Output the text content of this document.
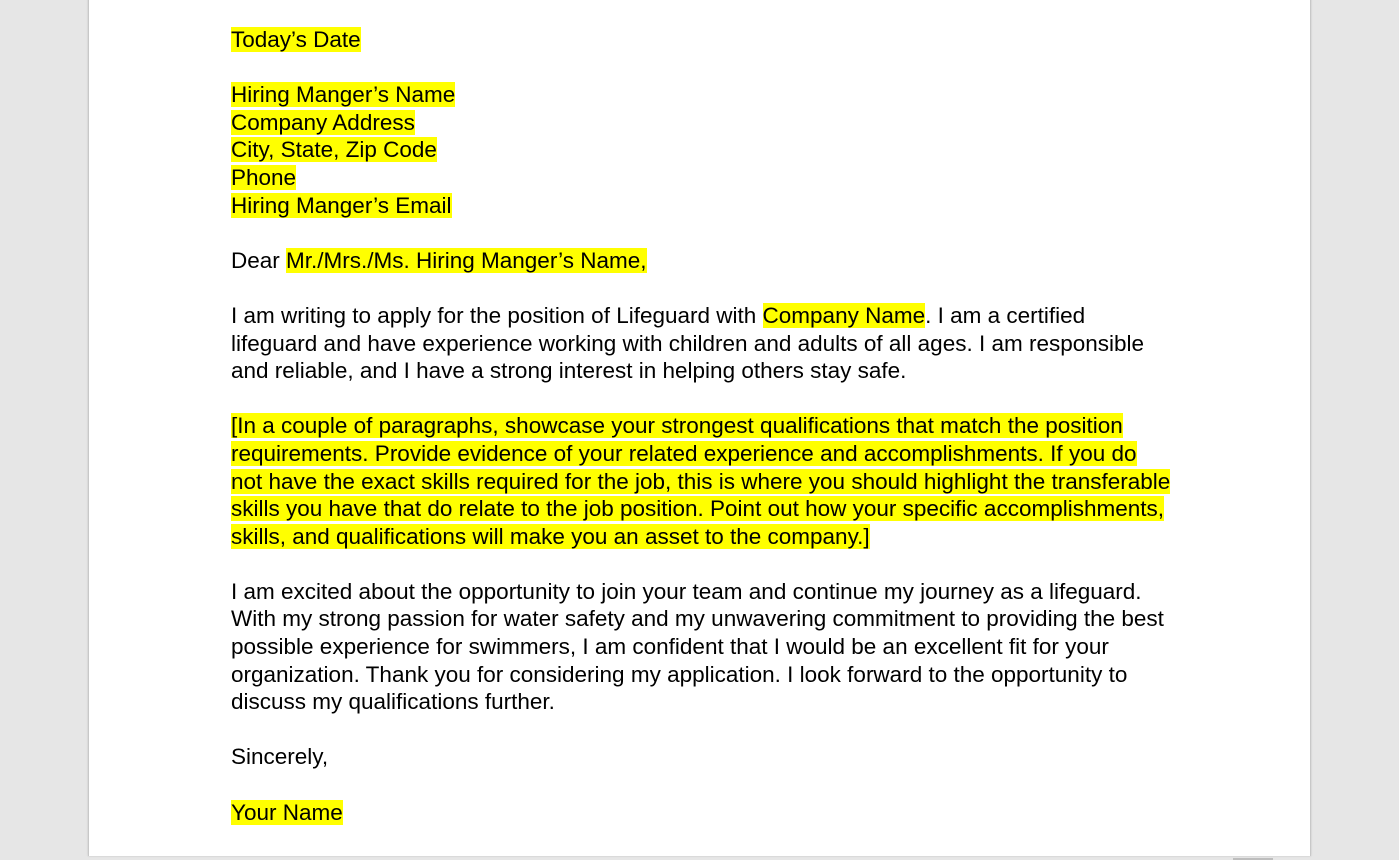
Today’s Date

Hiring Manger’s Name
Company Address
City, State, Zip Code
Phone
Hiring Manger’s Email

Dear Mr./Mrs./Ms. Hiring Manger’s Name,

I am writing to apply for the position of Lifeguard with Company Name. I am a certified lifeguard and have experience working with children and adults of all ages. I am responsible and reliable, and I have a strong interest in helping others stay safe.

[In a couple of paragraphs, showcase your strongest qualifications that match the position requirements. Provide evidence of your related experience and accomplishments. If you do not have the exact skills required for the job, this is where you should highlight the transferable skills you have that do relate to the job position. Point out how your specific accomplishments, skills, and qualifications will make you an asset to the company.]

I am excited about the opportunity to join your team and continue my journey as a lifeguard. With my strong passion for water safety and my unwavering commitment to providing the best possible experience for swimmers, I am confident that I would be an excellent fit for your organization. Thank you for considering my application. I look forward to the opportunity to discuss my qualifications further.

Sincerely,

Your Name
